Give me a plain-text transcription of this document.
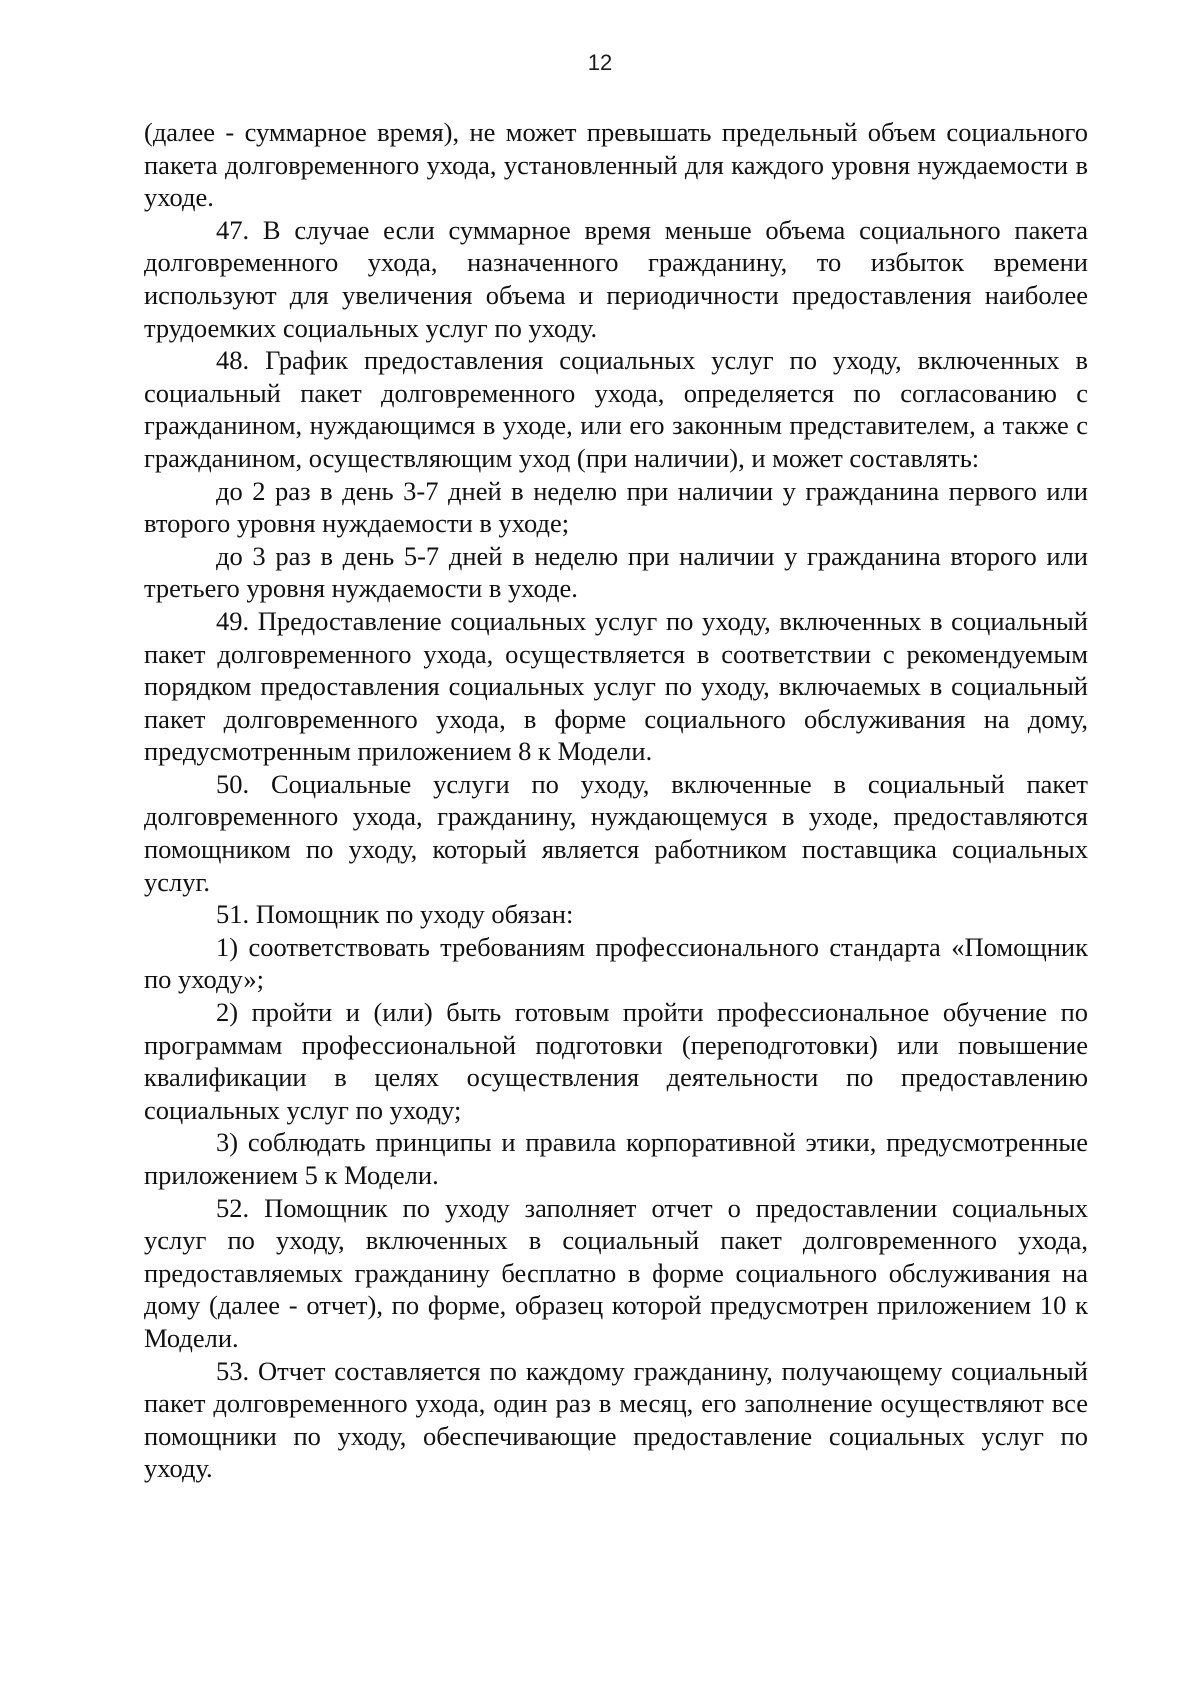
12

(далее - суммарное время), не может превышать предельный объем социального пакета долговременного ухода, установленный для каждого уровня нуждаемости в уходе.

47. В случае если суммарное время меньше объема социального пакета долговременного ухода, назначенного гражданину, то избыток времени используют для увеличения объема и периодичности предоставления наиболее трудоемких социальных услуг по уходу.

48. График предоставления социальных услуг по уходу, включенных в социальный пакет долговременного ухода, определяется по согласованию с гражданином, нуждающимся в уходе, или его законным представителем, а также с гражданином, осуществляющим уход (при наличии), и может составлять:

до 2 раз в день 3-7 дней в неделю при наличии у гражданина первого или второго уровня нуждаемости в уходе;

до 3 раз в день 5-7 дней в неделю при наличии у гражданина второго или третьего уровня нуждаемости в уходе.

49. Предоставление социальных услуг по уходу, включенных в социальный пакет долговременного ухода, осуществляется в соответствии с рекомендуемым порядком предоставления социальных услуг по уходу, включаемых в социальный пакет долговременного ухода, в форме социального обслуживания на дому, предусмотренным приложением 8 к Модели.

50. Социальные услуги по уходу, включенные в социальный пакет долговременного ухода, гражданину, нуждающемуся в уходе, предоставляются помощником по уходу, который является работником поставщика социальных услуг.

51. Помощник по уходу обязан:

1) соответствовать требованиям профессионального стандарта «Помощник по уходу»;

2) пройти и (или) быть готовым пройти профессиональное обучение по программам профессиональной подготовки (переподготовки) или повышение квалификации в целях осуществления деятельности по предоставлению социальных услуг по уходу;

3) соблюдать принципы и правила корпоративной этики, предусмотренные приложением 5 к Модели.

52. Помощник по уходу заполняет отчет о предоставлении социальных услуг по уходу, включенных в социальный пакет долговременного ухода, предоставляемых гражданину бесплатно в форме социального обслуживания на дому (далее - отчет), по форме, образец которой предусмотрен приложением 10 к Модели.

53. Отчет составляется по каждому гражданину, получающему социальный пакет долговременного ухода, один раз в месяц, его заполнение осуществляют все помощники по уходу, обеспечивающие предоставление социальных услуг по уходу.
